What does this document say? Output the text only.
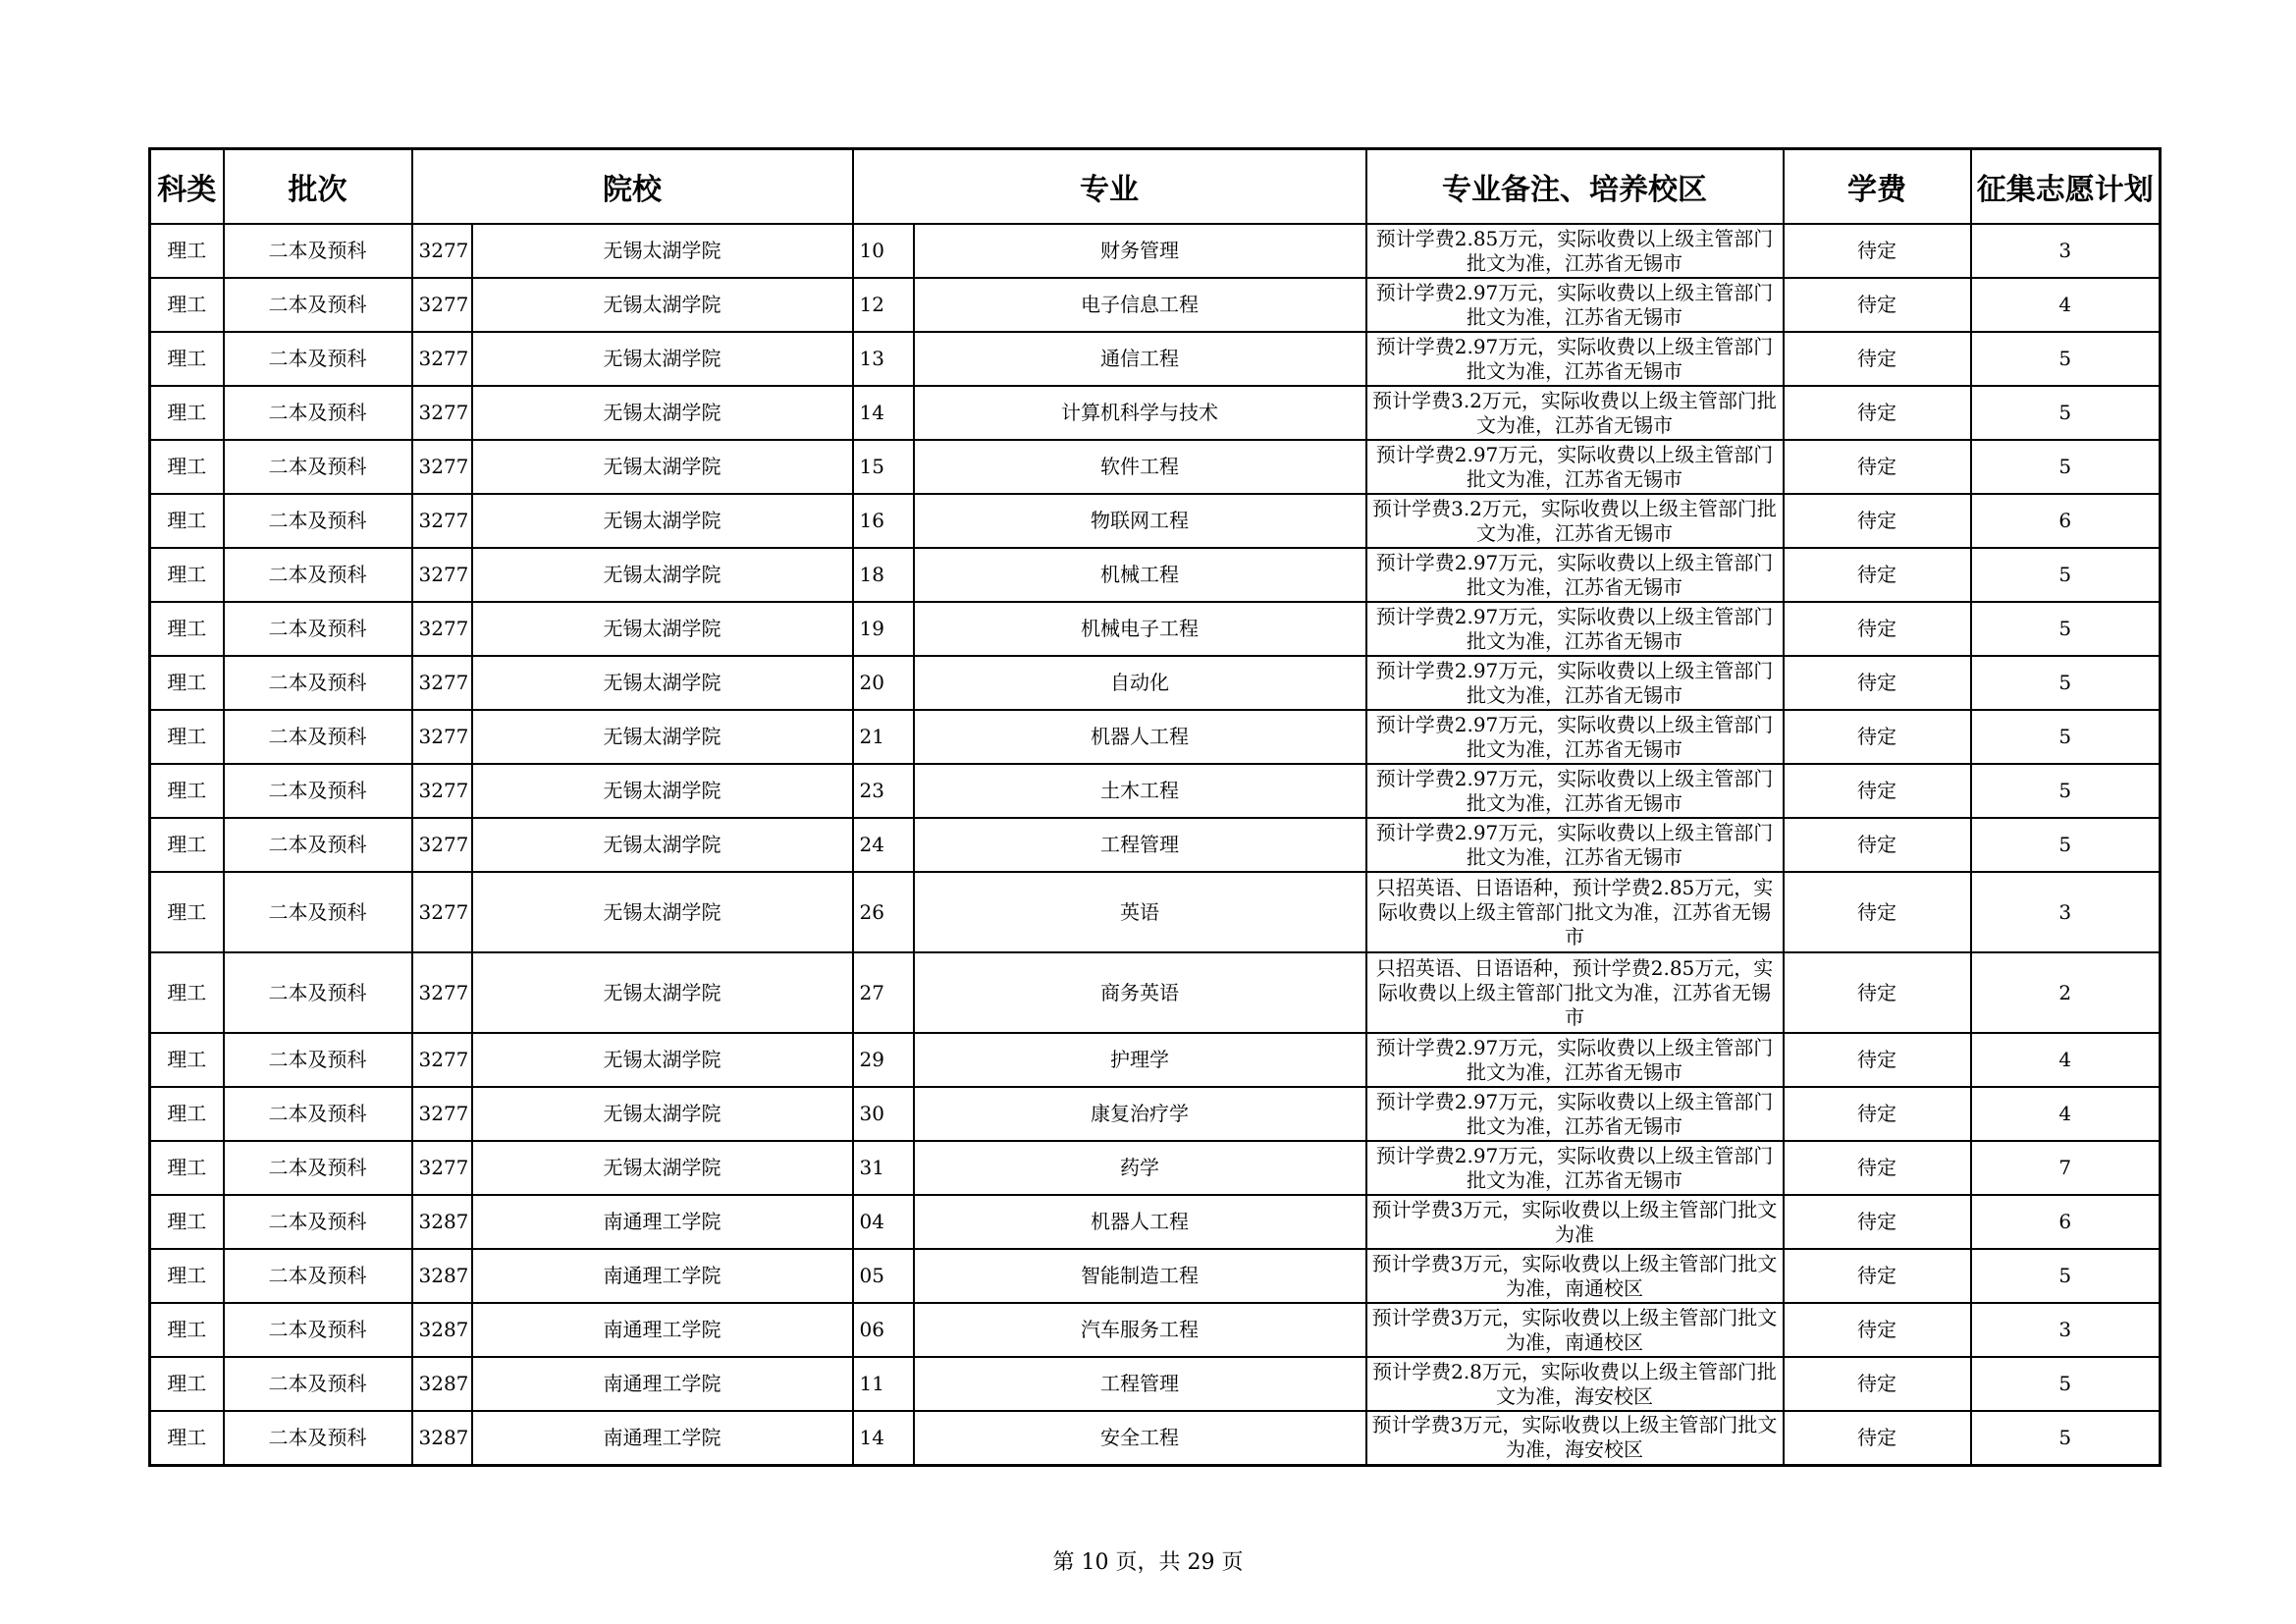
科类	批次	院校		专业		专业备注、培养校区	学费	征集志愿计划
理工	二本及预科	3277	无锡太湖学院	10	财务管理	预计学费2.85万元，实际收费以上级主管部门批文为准，江苏省无锡市	待定	3
理工	二本及预科	3277	无锡太湖学院	12	电子信息工程	预计学费2.97万元，实际收费以上级主管部门批文为准，江苏省无锡市	待定	4
理工	二本及预科	3277	无锡太湖学院	13	通信工程	预计学费2.97万元，实际收费以上级主管部门批文为准，江苏省无锡市	待定	5
理工	二本及预科	3277	无锡太湖学院	14	计算机科学与技术	预计学费3.2万元，实际收费以上级主管部门批文为准，江苏省无锡市	待定	5
理工	二本及预科	3277	无锡太湖学院	15	软件工程	预计学费2.97万元，实际收费以上级主管部门批文为准，江苏省无锡市	待定	5
理工	二本及预科	3277	无锡太湖学院	16	物联网工程	预计学费3.2万元，实际收费以上级主管部门批文为准，江苏省无锡市	待定	6
理工	二本及预科	3277	无锡太湖学院	18	机械工程	预计学费2.97万元，实际收费以上级主管部门批文为准，江苏省无锡市	待定	5
理工	二本及预科	3277	无锡太湖学院	19	机械电子工程	预计学费2.97万元，实际收费以上级主管部门批文为准，江苏省无锡市	待定	5
理工	二本及预科	3277	无锡太湖学院	20	自动化	预计学费2.97万元，实际收费以上级主管部门批文为准，江苏省无锡市	待定	5
理工	二本及预科	3277	无锡太湖学院	21	机器人工程	预计学费2.97万元，实际收费以上级主管部门批文为准，江苏省无锡市	待定	5
理工	二本及预科	3277	无锡太湖学院	23	土木工程	预计学费2.97万元，实际收费以上级主管部门批文为准，江苏省无锡市	待定	5
理工	二本及预科	3277	无锡太湖学院	24	工程管理	预计学费2.97万元，实际收费以上级主管部门批文为准，江苏省无锡市	待定	5
理工	二本及预科	3277	无锡太湖学院	26	英语	只招英语、日语语种，预计学费2.85万元，实际收费以上级主管部门批文为准，江苏省无锡市	待定	3
理工	二本及预科	3277	无锡太湖学院	27	商务英语	只招英语、日语语种，预计学费2.85万元，实际收费以上级主管部门批文为准，江苏省无锡市	待定	2
理工	二本及预科	3277	无锡太湖学院	29	护理学	预计学费2.97万元，实际收费以上级主管部门批文为准，江苏省无锡市	待定	4
理工	二本及预科	3277	无锡太湖学院	30	康复治疗学	预计学费2.97万元，实际收费以上级主管部门批文为准，江苏省无锡市	待定	4
理工	二本及预科	3277	无锡太湖学院	31	药学	预计学费2.97万元，实际收费以上级主管部门批文为准，江苏省无锡市	待定	7
理工	二本及预科	3287	南通理工学院	04	机器人工程	预计学费3万元，实际收费以上级主管部门批文为准	待定	6
理工	二本及预科	3287	南通理工学院	05	智能制造工程	预计学费3万元，实际收费以上级主管部门批文为准，南通校区	待定	5
理工	二本及预科	3287	南通理工学院	06	汽车服务工程	预计学费3万元，实际收费以上级主管部门批文为准，南通校区	待定	3
理工	二本及预科	3287	南通理工学院	11	工程管理	预计学费2.8万元，实际收费以上级主管部门批文为准，海安校区	待定	5
理工	二本及预科	3287	南通理工学院	14	安全工程	预计学费3万元，实际收费以上级主管部门批文为准，海安校区	待定	5
第 10 页，共 29 页
